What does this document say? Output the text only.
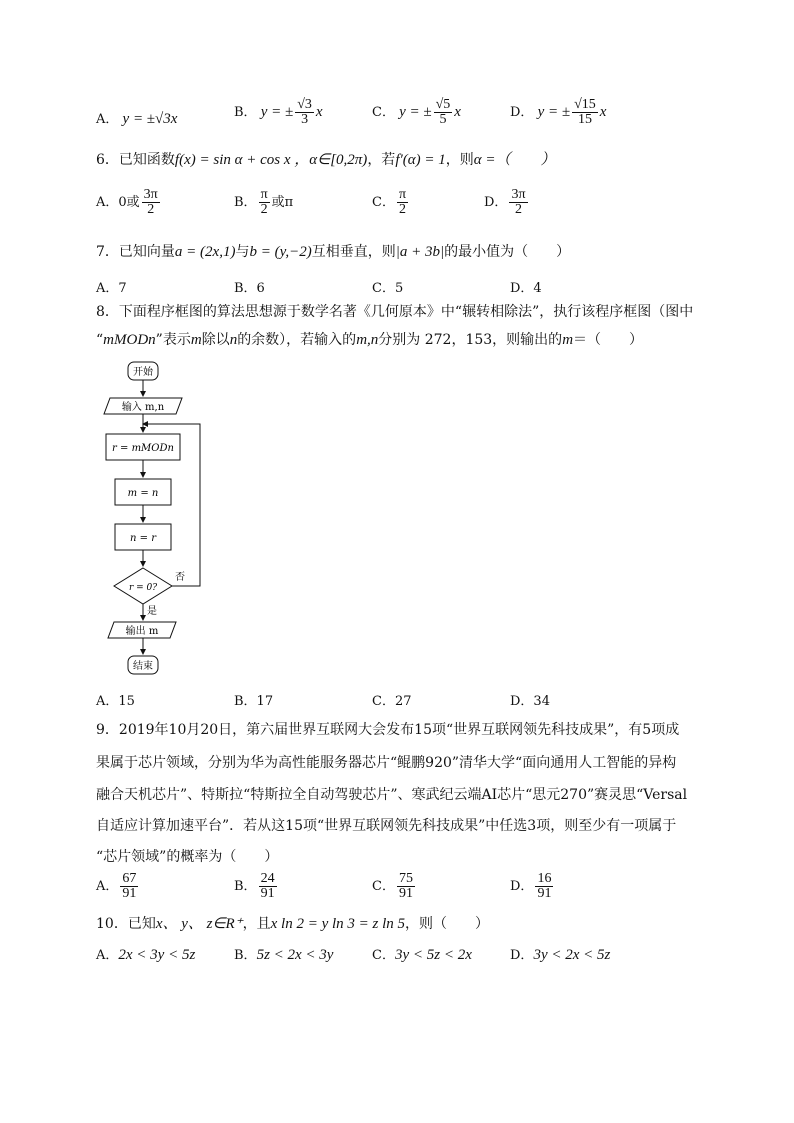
A． y = ±√3x	B． y = ± $\frac{√3}{3}$ x	C． y = ± $\frac{√5}{5}$ x	D． y = ± $\frac{√15}{15}$ x
6．已知函数f(x) = sin α + cos x ，α∈[0,2π)，若f′(α) = 1，则α =（　　）
A．0或 $\frac{3\pi}{2}$	B． $\frac{\pi}{2}$ 或π	C． $\frac{\pi}{2}$	D． $\frac{3\pi}{2}$
7．已知向量a = (2x,1)与b = (y,−2)互相垂直，则|a + 3b|的最小值为（　　）
A．7	B．6	C．5	D．4
8．下面程序框图的算法思想源于数学名著《几何原本》中“辗转相除法”，执行该程序框图（图中
“mMODn”表示m除以n的余数），若输入的m,n分别为 272，153，则输出的m＝（　　）
开始
输入 m,n
r = mMODn
m = n
n = r
r = 0?
否
是
输出 m
结束
A．15	B．17	C．27	D．34
9．2019年10月20日，第六届世界互联网大会发布15项“世界互联网领先科技成果”，有5项成
果属于芯片领域，分别为华为高性能服务器芯片“鲲鹏920”清华大学“面向通用人工智能的异构
融合天机芯片”、特斯拉“特斯拉全自动驾驶芯片”、寒武纪云端AI芯片“思元270”赛灵思“Versal
自适应计算加速平台”．若从这15项“世界互联网领先科技成果”中任选3项，则至少有一项属于
“芯片领域”的概率为（　　）
A． $\frac{67}{91}$	B． $\frac{24}{91}$	C． $\frac{75}{91}$	D． $\frac{16}{91}$
10．已知x、 y、 z∈R⁺，且x ln 2 = y ln 3 = z ln 5，则（　　）
A．2x < 3y < 5z	B．5z < 2x < 3y	C．3y < 5z < 2x	D．3y < 2x < 5z
